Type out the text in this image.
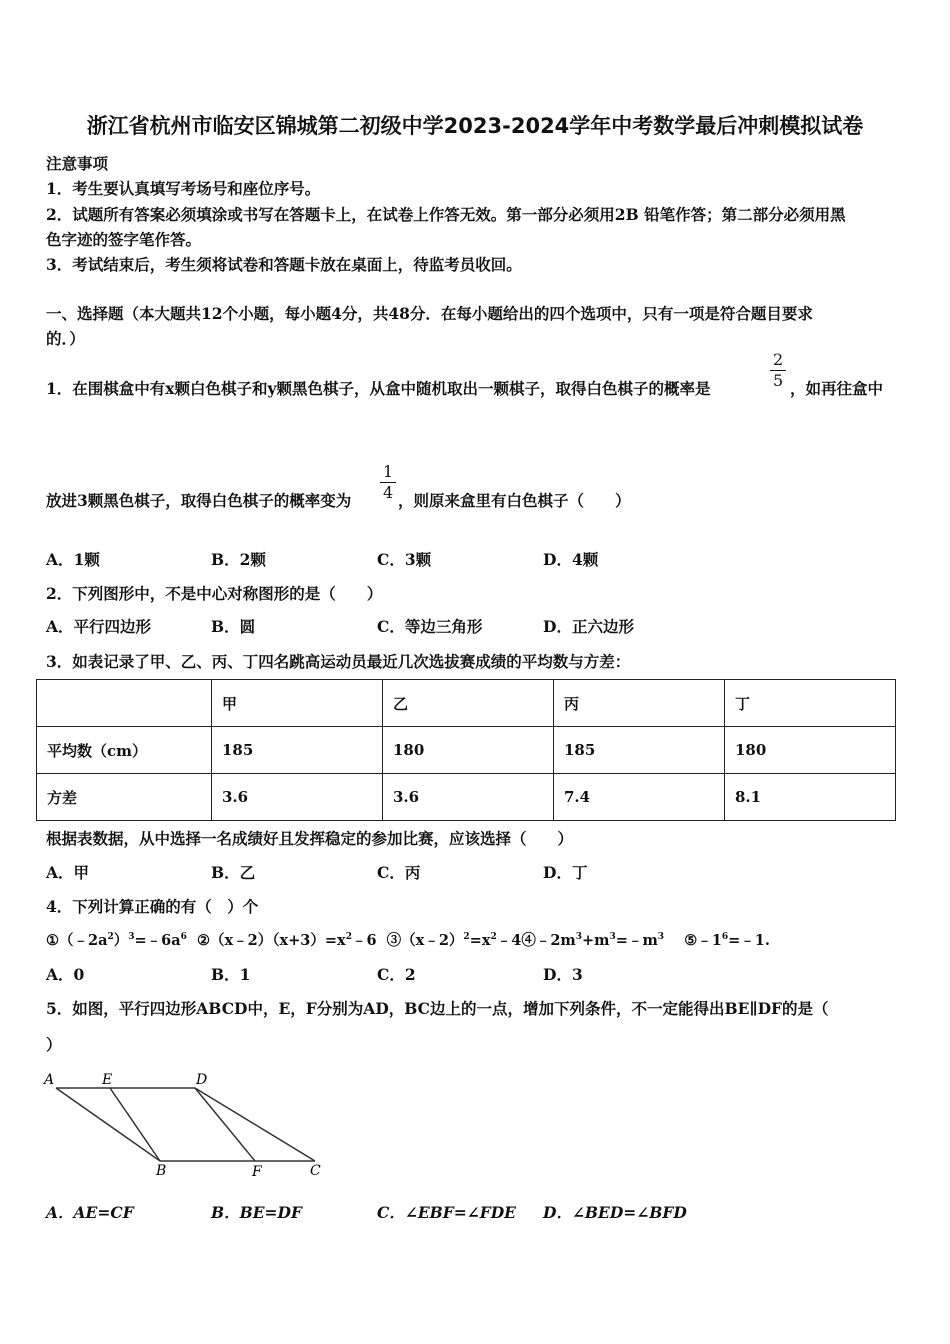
浙江省杭州市临安区锦城第二初级中学2023-2024学年中考数学最后冲刺模拟试卷
注意事项
1．考生要认真填写考场号和座位序号。
2．试题所有答案必须填涂或书写在答题卡上，在试卷上作答无效。第一部分必须用2B 铅笔作答；第二部分必须用黑
色字迹的签字笔作答。
3．考试结束后，考生须将试卷和答题卡放在桌面上，待监考员收回。
一、选择题（本大题共12个小题，每小题4分，共48分．在每小题给出的四个选项中，只有一项是符合题目要求
的．）
1．在围棋盒中有x颗白色棋子和y颗黑色棋子，从盒中随机取出一颗棋子，取得白色棋子的概率是
2
5 ，如再往盒中
放进3颗黑色棋子，取得白色棋子的概率变为
1
4 ，则原来盒里有白色棋子（　　）
A．1颗	B．2颗	C．3颗	D．4颗
2．下列图形中，不是中心对称图形的是（　　）
A．平行四边形	B．圆	C．等边三角形	D．正六边形
3．如表记录了甲、乙、丙、丁四名跳高运动员最近几次选拔赛成绩的平均数与方差：
	甲	乙	丙	丁
平均数（cm）	185	180	185	180
方差	3.6	3.6	7.4	8.1
根据表数据，从中选择一名成绩好且发挥稳定的参加比赛，应该选择（　　）
A．甲	B．乙	C．丙	D．丁
4．下列计算正确的有（　）个
$①(﹣2a^2)^3=﹣6a^6$ $②(x﹣2)(x+3)=x^2﹣6$ $③(x﹣2)^2=x^2﹣4④﹣2m^3+m^3=﹣m^3$ $⑤﹣1^6=﹣1$.
A．0	B．1	C．2	D．3
5．如图，平行四边形ABCD中，E，F分别为AD，BC边上的一点，增加下列条件，不一定能得出BE∥DF的是（
）
A	E	D
B	F	C
A．AE=CF	B．BE=DF	C．∠EBF=∠FDE D．∠BED=∠BFD
